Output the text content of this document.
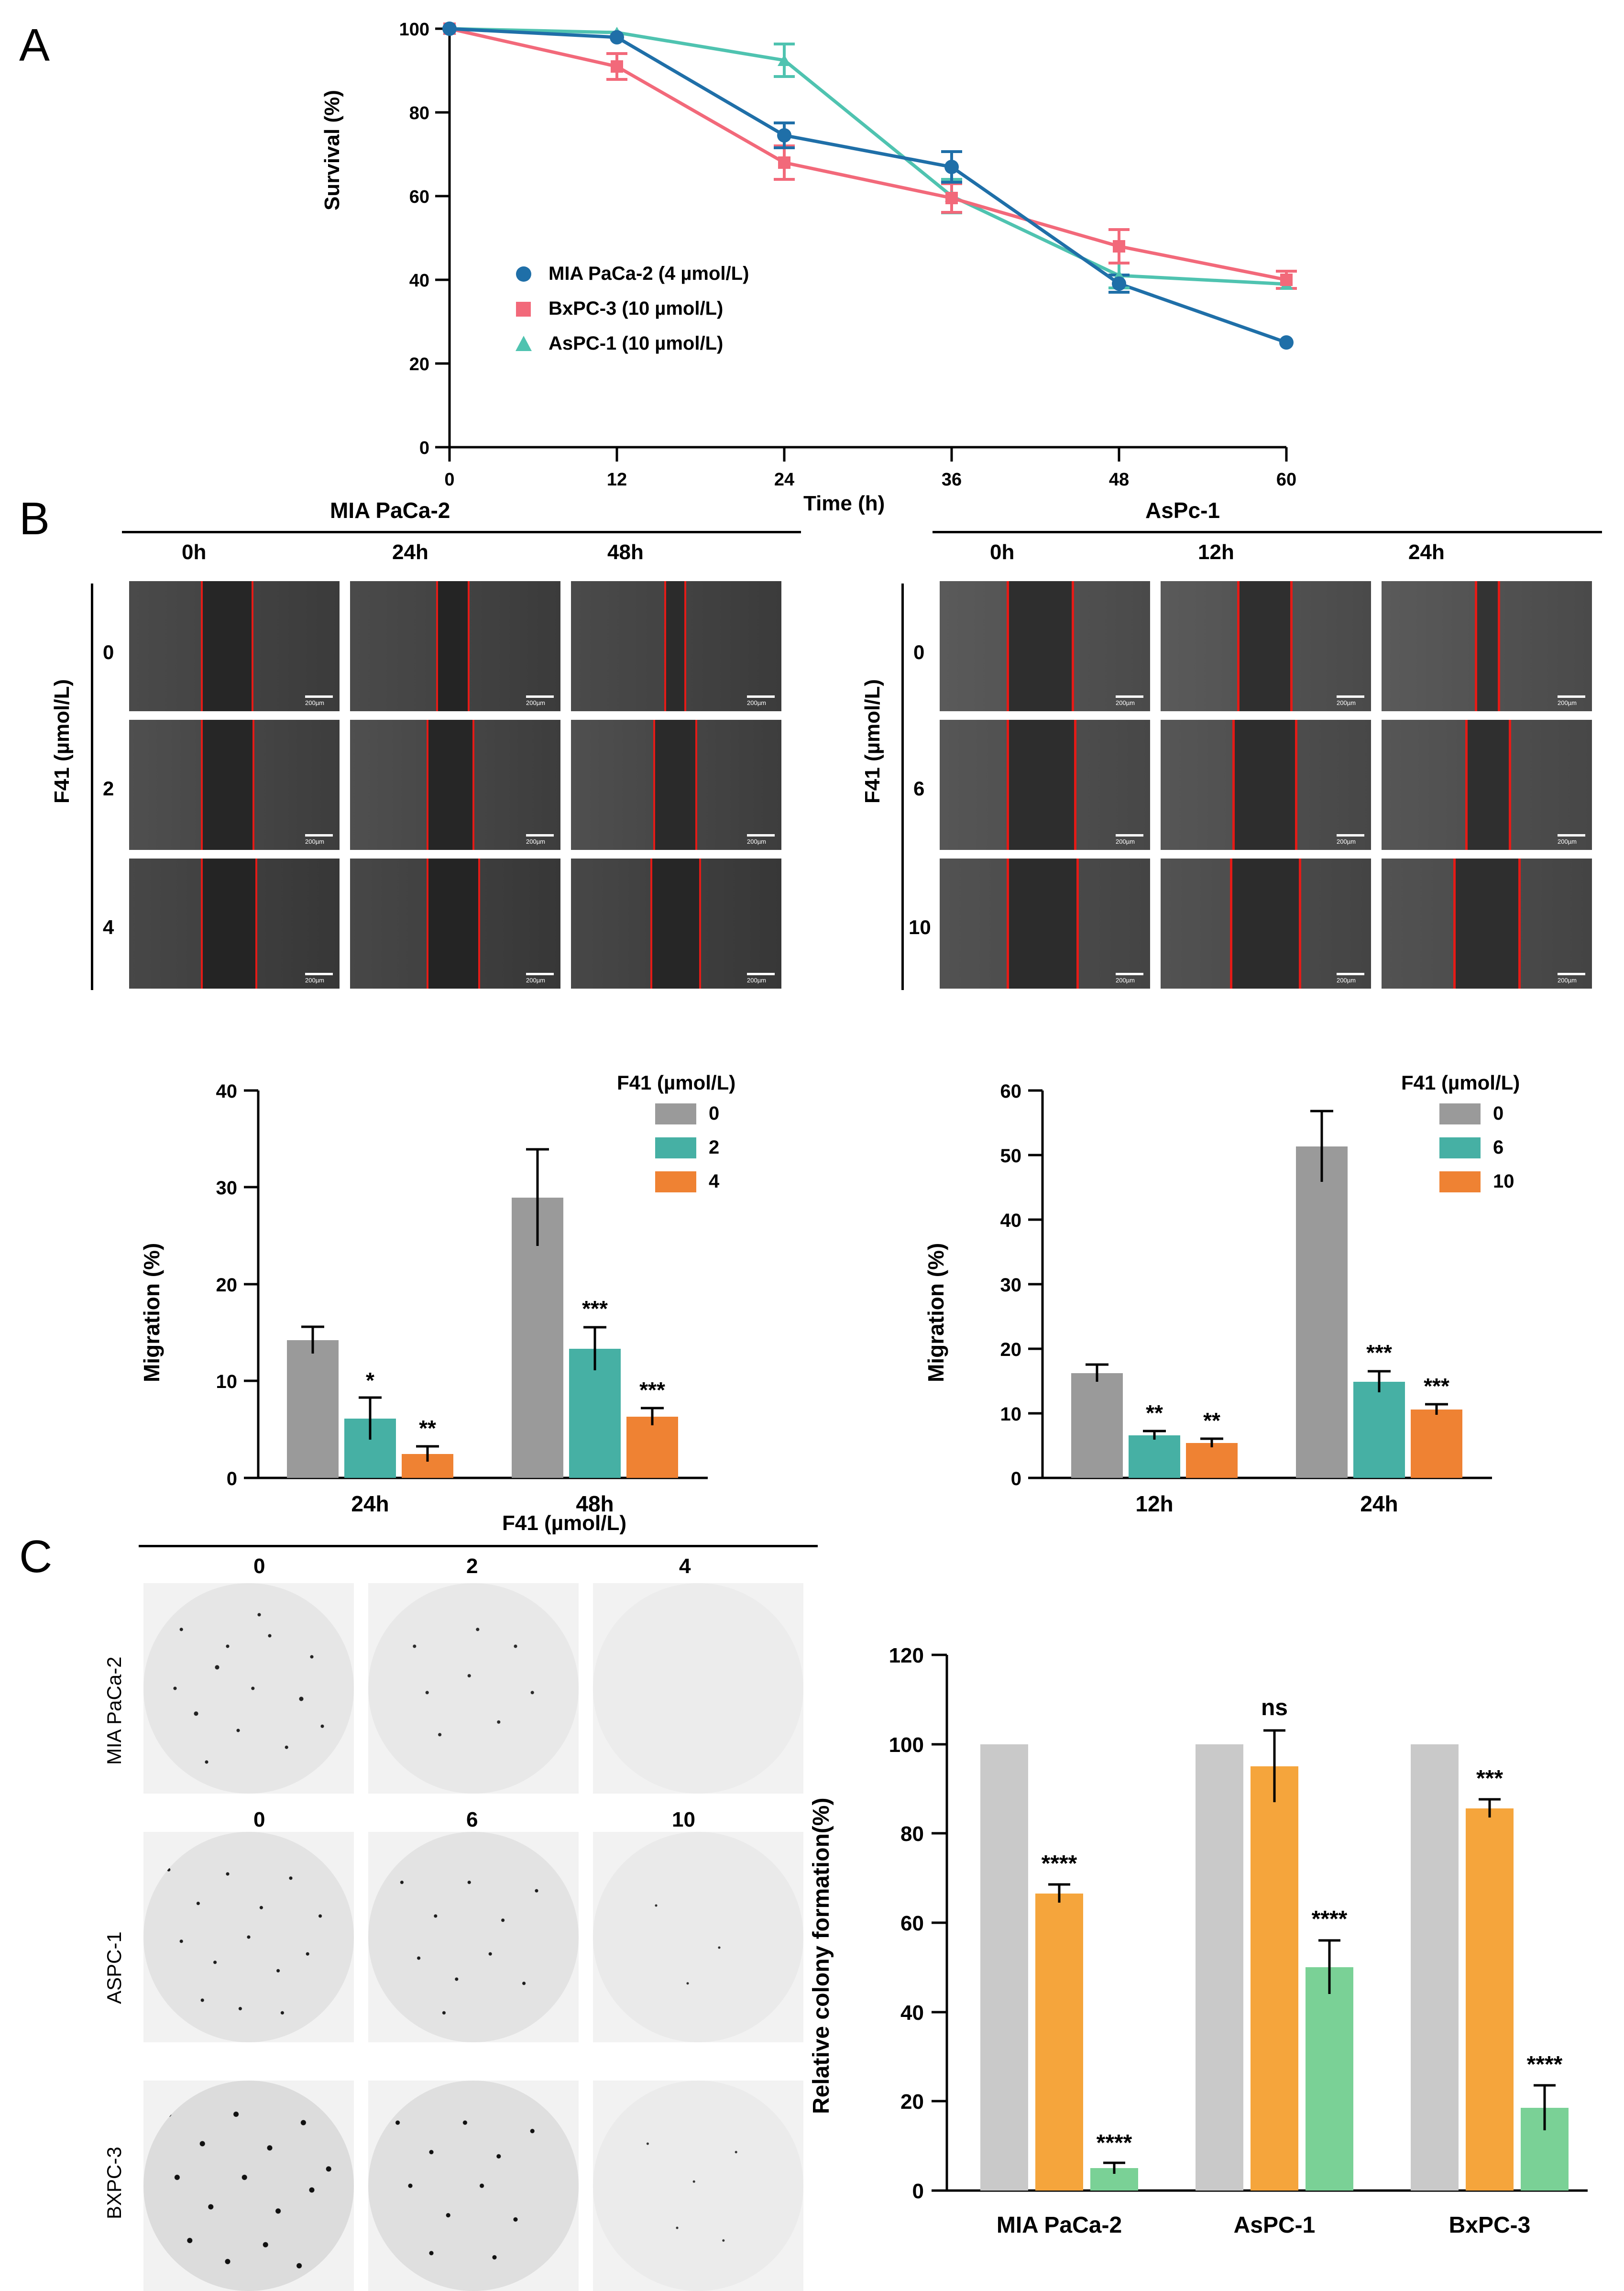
A
0
20
40
60
80
100
0	12	24	36	48	60
Survival (%)
Time (h)
MIA PaCa-2 (4 µmol/L)
BxPC-3 (10 µmol/L)
AsPC-1 (10 µmol/L)
B	MIA PaCa-2
0h	24h	48h
F41 (µmol/L)
0
2
4
200µm	200µm	200µm
200µm	200µm	200µm
200µm	200µm	200µm
AsPc-1
0h	12h	24h
F41 (µmol/L)
0
6
10
200µm	200µm	200µm
200µm	200µm	200µm
200µm	200µm	200µm
0
10
20
30
40
*
**
***
***
24h	48h
Migration (%)
F41 (µmol/L)
0
2
4
0
10
20
30
40
50
60
** **
***
***
12h	24h
Migration (%)
F41 (µmol/L)
0
6
10
C
F41 (µmol/L)
0	2	4
0	6	10
MIA PaCa-2
ASPC-1
BXPC-3	0
20
40
60
80
100
120
****
****
ns
****
***
****
MIA PaCa-2	AsPC-1	BxPC-3
Relative colony formation(%)
